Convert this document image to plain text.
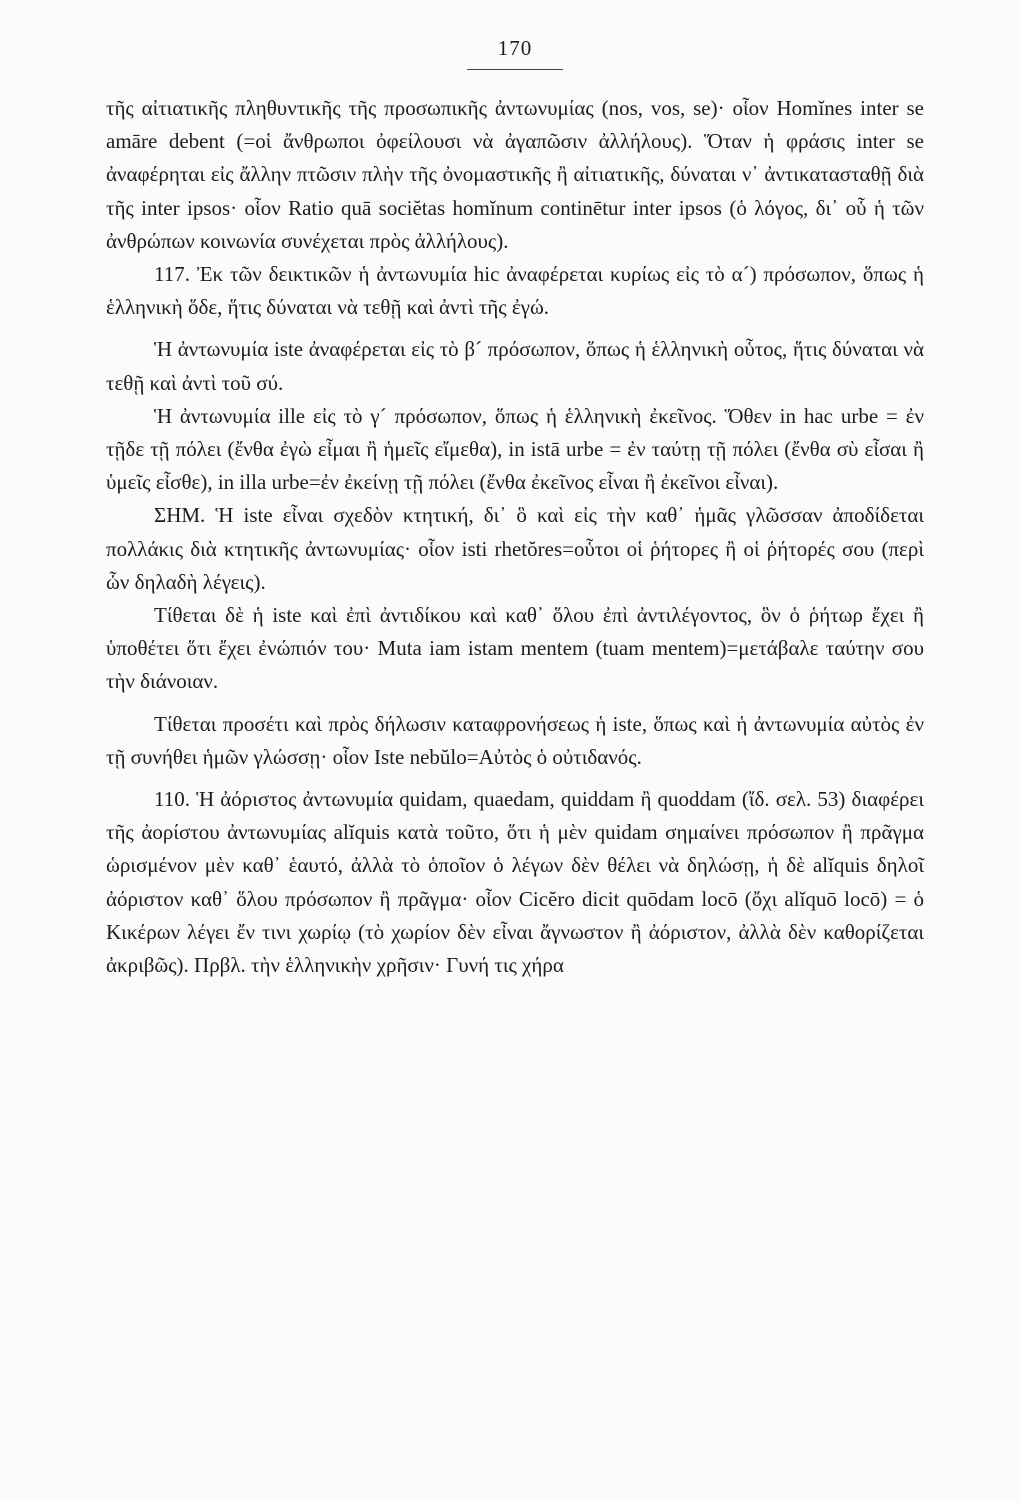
170

τῆς αἰτιατικῆς πληθυντικῆς τῆς προσωπικῆς ἀντωνυμίας (nos, vos, se)· οἷον Homĭnes inter se amāre debent (=οἱ ἄνθρωποι ὀφείλουσι νὰ ἀγαπῶσιν ἀλλήλους). Ὅταν ἡ φράσις inter se ἀναφέρηται εἰς ἄλλην πτῶσιν πλὴν τῆς ὀνομαστικῆς ἢ αἰτιατικῆς, δύναται ν᾽ ἀντικατασταθῇ διὰ τῆς inter ipsos· οἷον Ratio quā sociĕtas homĭnum continētur inter ipsos (ὁ λόγος, δι᾽ οὗ ἡ τῶν ἀνθρώπων κοινωνία συνέχεται πρὸς ἀλλήλους).

117. Ἐκ τῶν δεικτικῶν ἡ ἀντωνυμία hic ἀναφέρεται κυρίως εἰς τὸ α´) πρόσωπον, ὅπως ἡ ἑλληνικὴ ὅδε, ἥτις δύναται νὰ τεθῇ καὶ ἀντὶ τῆς ἐγώ.

Ἡ ἀντωνυμία iste ἀναφέρεται εἰς τὸ β´ πρόσωπον, ὅπως ἡ ἑλληνικὴ οὗτος, ἥτις δύναται νὰ τεθῇ καὶ ἀντὶ τοῦ σύ.

Ἡ ἀντωνυμία ille εἰς τὸ γ´ πρόσωπον, ὅπως ἡ ἑλληνικὴ ἐκεῖνος. Ὅθεν in hac urbe = ἐν τῇδε τῇ πόλει (ἔνθα ἐγὼ εἶμαι ἢ ἡμεῖς εἴμεθα), in istā urbe = ἐν ταύτῃ τῇ πόλει (ἔνθα σὺ εἶσαι ἢ ὑμεῖς εἶσθε), in illa urbe=ἐν ἐκείνῃ τῇ πόλει (ἔνθα ἐκεῖνος εἶναι ἢ ἐκεῖνοι εἶναι).

ΣΗΜ. Ἡ iste εἶναι σχεδὸν κτητική, δι᾽ ὃ καὶ εἰς τὴν καθ᾽ ἡμᾶς γλῶσσαν ἀποδίδεται πολλάκις διὰ κτητικῆς ἀντωνυμίας· οἷον isti rhetŏres=οὗτοι οἱ ῥήτορες ἢ οἱ ῥήτορές σου (περὶ ὧν δηλαδὴ λέγεις).

Τίθεται δὲ ἡ iste καὶ ἐπὶ ἀντιδίκου καὶ καθ᾽ ὅλου ἐπὶ ἀντιλέγοντος, ὃν ὁ ῥήτωρ ἔχει ἢ ὑποθέτει ὅτι ἔχει ἐνώπιόν του· Muta iam istam mentem (tuam mentem)=μετάβαλε ταύτην σου τὴν διάνοιαν.

Τίθεται προσέτι καὶ πρὸς δήλωσιν καταφρονήσεως ἡ iste, ὅπως καὶ ἡ ἀντωνυμία αὐτὸς ἐν τῇ συνήθει ἡμῶν γλώσσῃ· οἷον Iste nebŭlo=Αὐτὸς ὁ οὐτιδανός.

110. Ἡ ἀόριστος ἀντωνυμία quidam, quaedam, quiddam ἢ quoddam (ἴδ. σελ. 53) διαφέρει τῆς ἀορίστου ἀντωνυμίας alĭquis κατὰ τοῦτο, ὅτι ἡ μὲν quidam σημαίνει πρόσωπον ἢ πρᾶγμα ὡρισμένον μὲν καθ᾽ ἑαυτό, ἀλλὰ τὸ ὁποῖον ὁ λέγων δὲν θέλει νὰ δηλώσῃ, ἡ δὲ alĭquis δηλοῖ ἀόριστον καθ᾽ ὅλου πρόσωπον ἢ πρᾶγμα· οἷον Cicĕro dicit quōdam locō (ὄχι alĭquō locō) = ὁ Κικέρων λέγει ἔν τινι χωρίῳ (τὸ χωρίον δὲν εἶναι ἄγνωστον ἢ ἀόριστον, ἀλλὰ δὲν καθορίζεται ἀκριβῶς). Πρβλ. τὴν ἑλληνικὴν χρῆσιν· Γυνή τις χήρα
